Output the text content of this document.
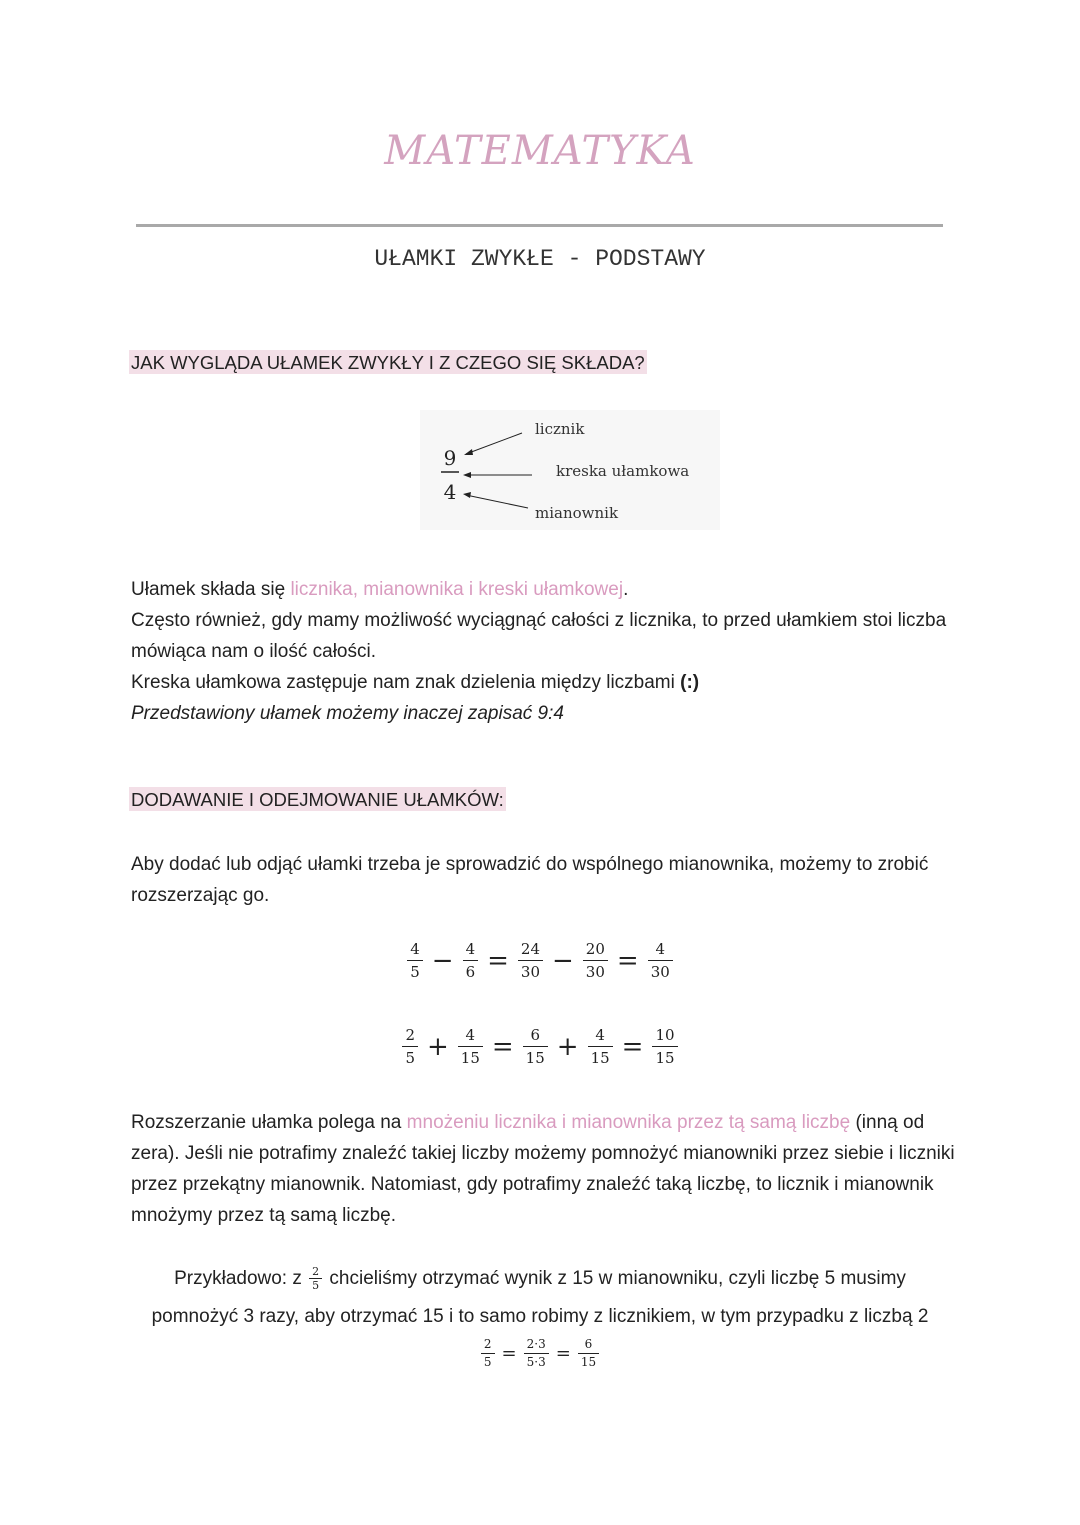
MATEMATYKA
UŁAMKI ZWYKŁE - PODSTAWY
JAK WYGLĄDA UŁAMEK ZWYKŁY I Z CZEGO SIĘ SKŁADA?
9
4
licznik
kreska ułamkowa
mianownik
Ułamek składa się licznika, mianownika i kreski ułamkowej.
Często również, gdy mamy możliwość wyciągnąć całości z licznika, to przed ułamkiem stoi liczba mówiąca nam o ilość całości.
Kreska ułamkowa zastępuje nam znak dzielenia między liczbami (:)
Przedstawiony ułamek możemy inaczej zapisać 9:4
DODAWANIE I ODEJMOWANIE UŁAMKÓW:
Aby dodać lub odjąć ułamki trzeba je sprowadzić do wspólnego mianownika, możemy to zrobić rozszerzając go.
$\frac{4}{5} - \frac{4}{6} = \frac{24}{30} - \frac{20}{30} = \frac{4}{30}$
$\frac{2}{5} + \frac{4}{15} = \frac{6}{15} + \frac{4}{15} = \frac{10}{15}$
Rozszerzanie ułamka polega na mnożeniu licznika i mianownika przez tą samą liczbę (inną od zera). Jeśli nie potrafimy znaleźć takiej liczby możemy pomnożyć mianowniki przez siebie i liczniki przez przekątny mianownik. Natomiast, gdy potrafimy znaleźć taką liczbę, to licznik i mianownik mnożymy przez tą samą liczbę.
Przykładowo: z $\frac{2}{5}$ chcieliśmy otrzymać wynik z 15 w mianowniku, czyli liczbę 5 musimy
pomnożyć 3 razy, aby otrzymać 15 i to samo robimy z licznikiem, w tym przypadku z liczbą 2
$\frac{2}{5} = \frac{2\cdot 3}{5\cdot 3} = \frac{6}{15}$
